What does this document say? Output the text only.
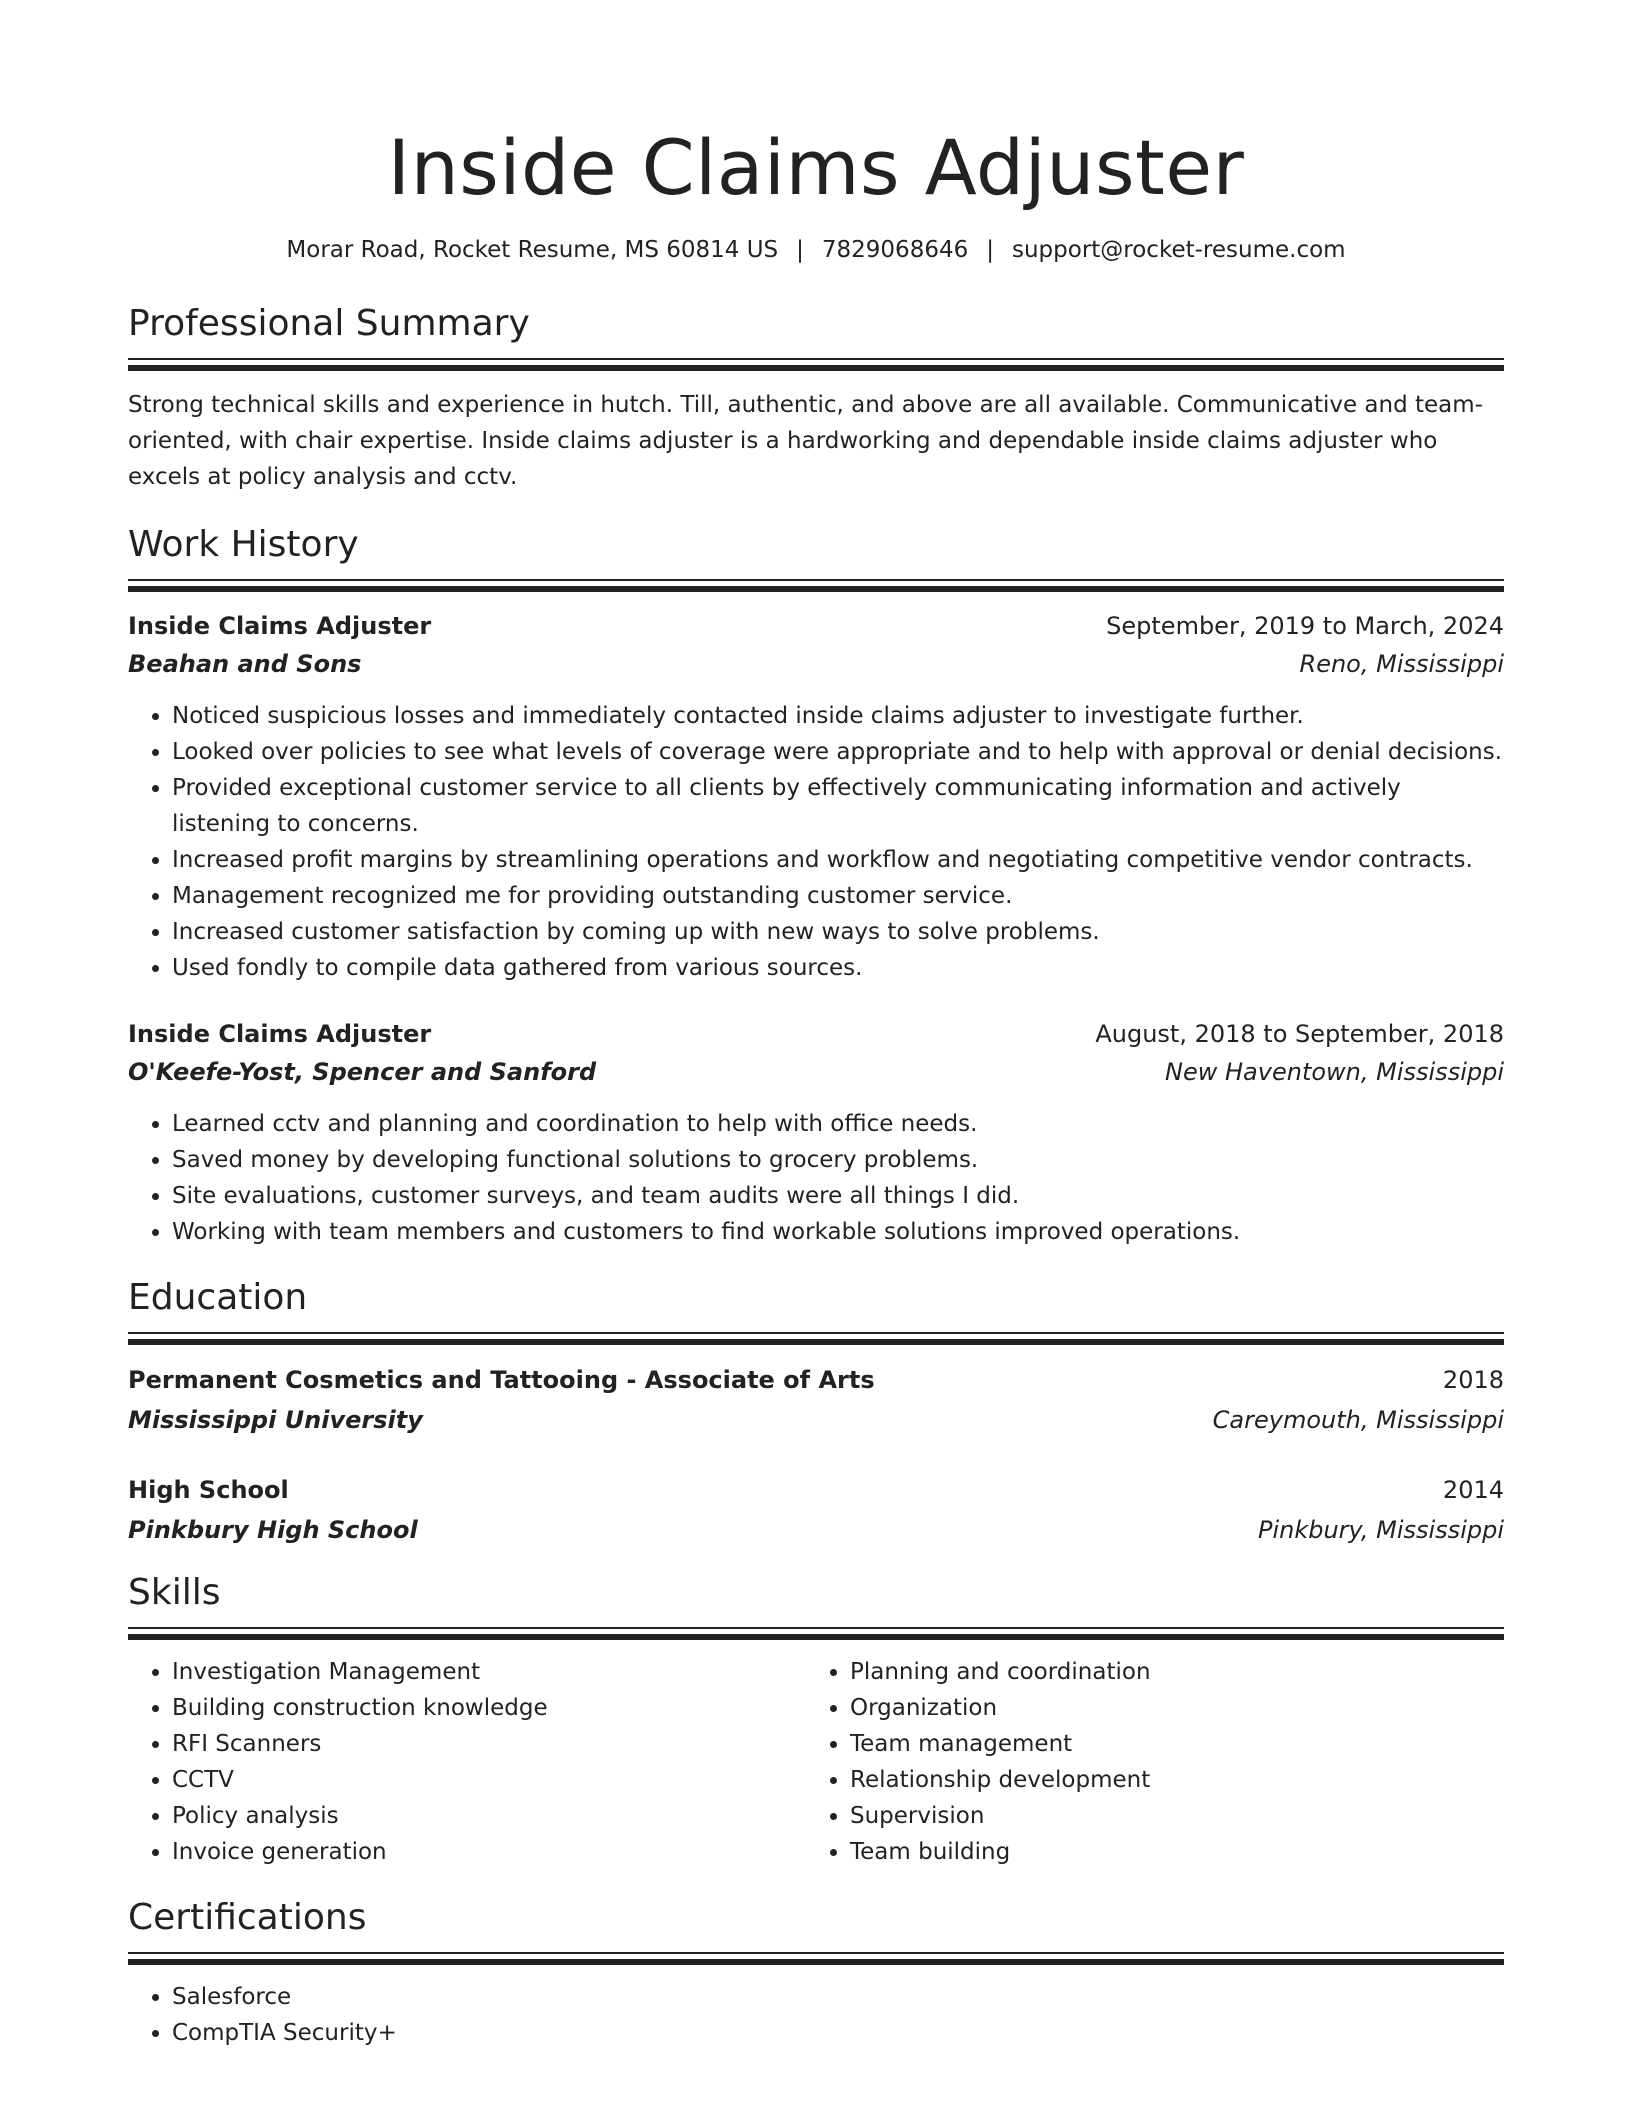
Inside Claims Adjuster
Morar Road, Rocket Resume, MS 60814 US | 7829068646 | support@rocket-resume.com
Professional Summary
Strong technical skills and experience in hutch. Till, authentic, and above are all available. Communicative and team-oriented, with chair expertise. Inside claims adjuster is a hardworking and dependable inside claims adjuster who excels at policy analysis and cctv.
Work History
Inside Claims Adjuster	September, 2019 to March, 2024
Beahan and Sons	Reno, Mississippi
• Noticed suspicious losses and immediately contacted inside claims adjuster to investigate further.
• Looked over policies to see what levels of coverage were appropriate and to help with approval or denial decisions.
• Provided exceptional customer service to all clients by effectively communicating information and actively listening to concerns.
• Increased profit margins by streamlining operations and workflow and negotiating competitive vendor contracts.
• Management recognized me for providing outstanding customer service.
• Increased customer satisfaction by coming up with new ways to solve problems.
• Used fondly to compile data gathered from various sources.
Inside Claims Adjuster	August, 2018 to September, 2018
O'Keefe-Yost, Spencer and Sanford	New Haventown, Mississippi
• Learned cctv and planning and coordination to help with office needs.
• Saved money by developing functional solutions to grocery problems.
• Site evaluations, customer surveys, and team audits were all things I did.
• Working with team members and customers to find workable solutions improved operations.
Education
Permanent Cosmetics and Tattooing - Associate of Arts	2018
Mississippi University	Careymouth, Mississippi
High School	2014
Pinkbury High School	Pinkbury, Mississippi
Skills
• Investigation Management
• Building construction knowledge
• RFI Scanners
• CCTV
• Policy analysis
• Invoice generation
• Planning and coordination
• Organization
• Team management
• Relationship development
• Supervision
• Team building
Certifications
• Salesforce
• CompTIA Security+
